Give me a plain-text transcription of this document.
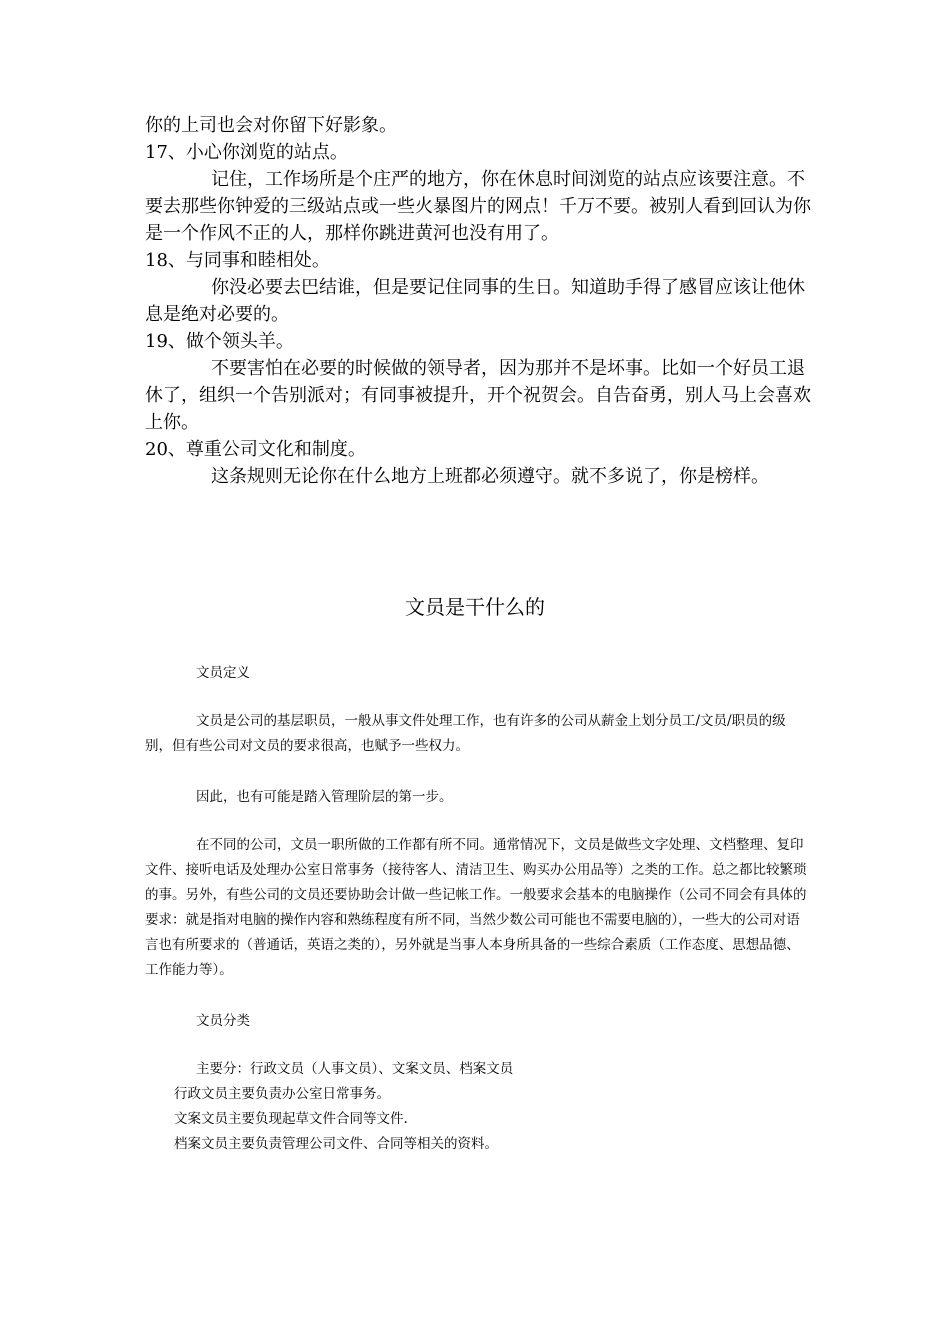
你的上司也会对你留下好影象。

17、小心你浏览的站点。

记住，工作场所是个庄严的地方，你在休息时间浏览的站点应该要注意。不要去那些你钟爱的三级站点或一些火暴图片的网点！千万不要。被别人看到回认为你是一个作风不正的人，那样你跳进黄河也没有用了。

18、与同事和睦相处。

你没必要去巴结谁，但是要记住同事的生日。知道助手得了感冒应该让他休息是绝对必要的。

19、做个领头羊。

不要害怕在必要的时候做的领导者，因为那并不是坏事。比如一个好员工退休了，组织一个告别派对；有同事被提升，开个祝贺会。自告奋勇，别人马上会喜欢上你。

20、尊重公司文化和制度。

这条规则无论你在什么地方上班都必须遵守。就不多说了，你是榜样。

文员是干什么的

文员定义

文员是公司的基层职员，一般从事文件处理工作，也有许多的公司从薪金上划分员工/文员/职员的级别，但有些公司对文员的要求很高，也赋予一些权力。

因此，也有可能是踏入管理阶层的第一步。

在不同的公司，文员一职所做的工作都有所不同。通常情况下，文员是做些文字处理、文档整理、复印文件、接听电话及处理办公室日常事务（接待客人、清洁卫生、购买办公用品等）之类的工作。总之都比较繁琐的事。另外，有些公司的文员还要协助会计做一些记帐工作。一般要求会基本的电脑操作（公司不同会有具体的要求：就是指对电脑的操作内容和熟练程度有所不同，当然少数公司可能也不需要电脑的），一些大的公司对语言也有所要求的（普通话，英语之类的），另外就是当事人本身所具备的一些综合素质（工作态度、思想品德、工作能力等）。

文员分类

主要分：行政文员（人事文员）、文案文员、档案文员

行政文员主要负责办公室日常事务。

文案文员主要负现起草文件合同等文件.

档案文员主要负责管理公司文件、合同等相关的资料。
